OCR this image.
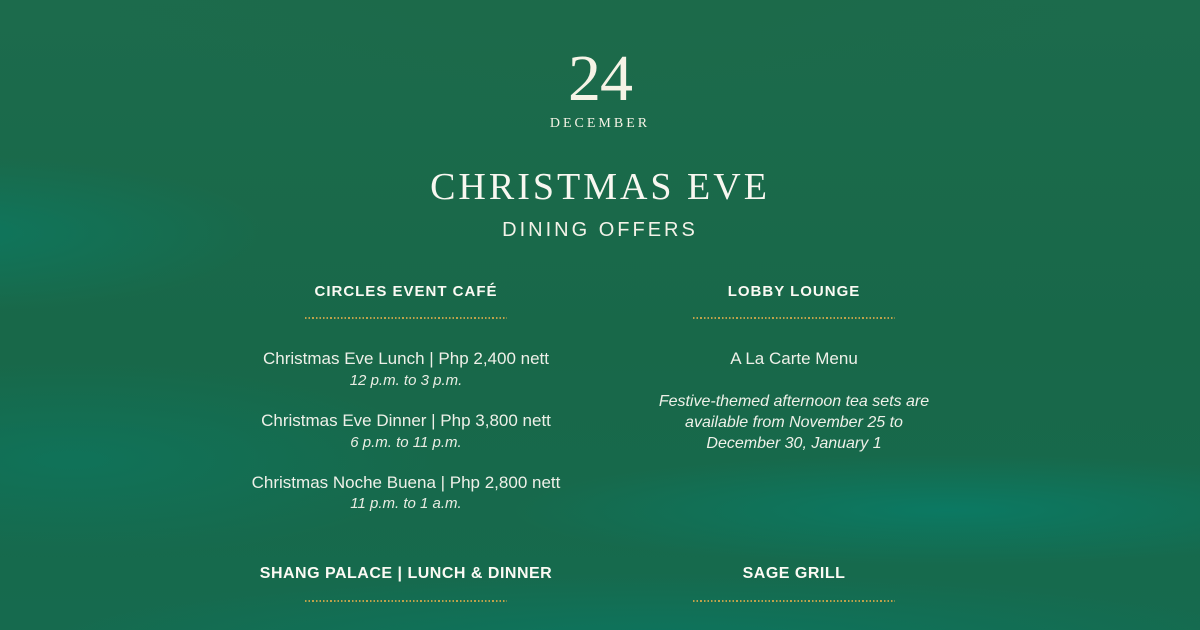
24
DECEMBER
CHRISTMAS EVE
DINING OFFERS
CIRCLES EVENT CAFÉ
Christmas Eve Lunch | Php 2,400 nett
12 p.m. to 3 p.m.
Christmas Eve Dinner | Php 3,800 nett
6 p.m. to 11 p.m.
Christmas Noche Buena | Php 2,800 nett
11 p.m. to 1 a.m.
LOBBY LOUNGE
A La Carte Menu
Festive-themed afternoon tea sets are
available from November 25 to
December 30, January 1
SHANG PALACE | LUNCH & DINNER	SAGE GRILL
